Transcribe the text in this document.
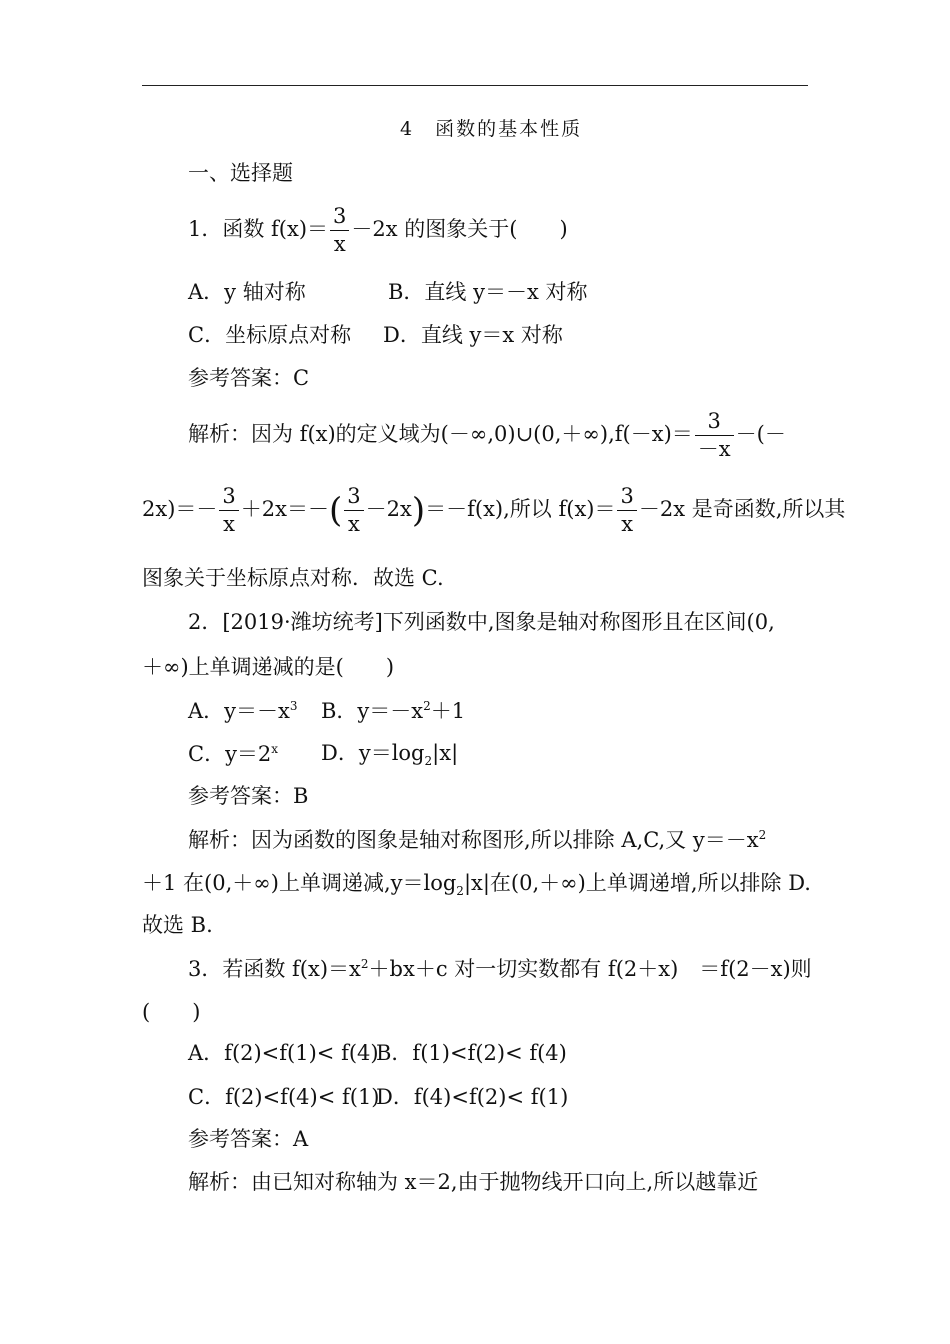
4　函数的基本性质
一、选择题
1．函数 $f(x)= \frac{3}{x} -2x$ 的图象关于(　　)
A．y 轴对称	B．直线 y＝－x 对称
C．坐标原点对称 D．直线 y＝x 对称
参考答案：C
解析：因为 f(x)的定义域为(－∞,0)∪(0,＋∞),f(－x)＝ $\frac{3}{-x}$ －(－
$2x)=- \frac{3}{x} +2x=-( \frac{3}{x} -2x)=-f(x)$,所以 $f(x)= \frac{3}{x} -2x$ 是奇函数,所以其
图象关于坐标原点对称．故选 C.
2．[2019·潍坊统考]下列函数中,图象是轴对称图形且在区间(0,
＋∞)上单调递减的是(　　)
A．$y=-x^3$ B．$y=-x^2+1$
C．$y=2^x$ D．$y=\log_2|x|$
参考答案：B
解析：因为函数的图象是轴对称图形,所以排除 A,C,又 $y=-x^2$
＋1 在(0,＋∞)上单调递减$,y=\log_2|x|$在(0,＋∞)上单调递增,所以排除 D.
故选 B.
3．若函数 $f(x)=x^2+bx+c$ 对一切实数都有 f(2＋x)　＝f(2－x)则
(　　)
A．f(2)<f(1)< f(4)
B．f(1)<f(2)< f(4)
C．f(2)<f(4)< f(1)
D．f(4)<f(2)< f(1)
参考答案：A
解析：由已知对称轴为 x＝2,由于抛物线开口向上,所以越靠近
